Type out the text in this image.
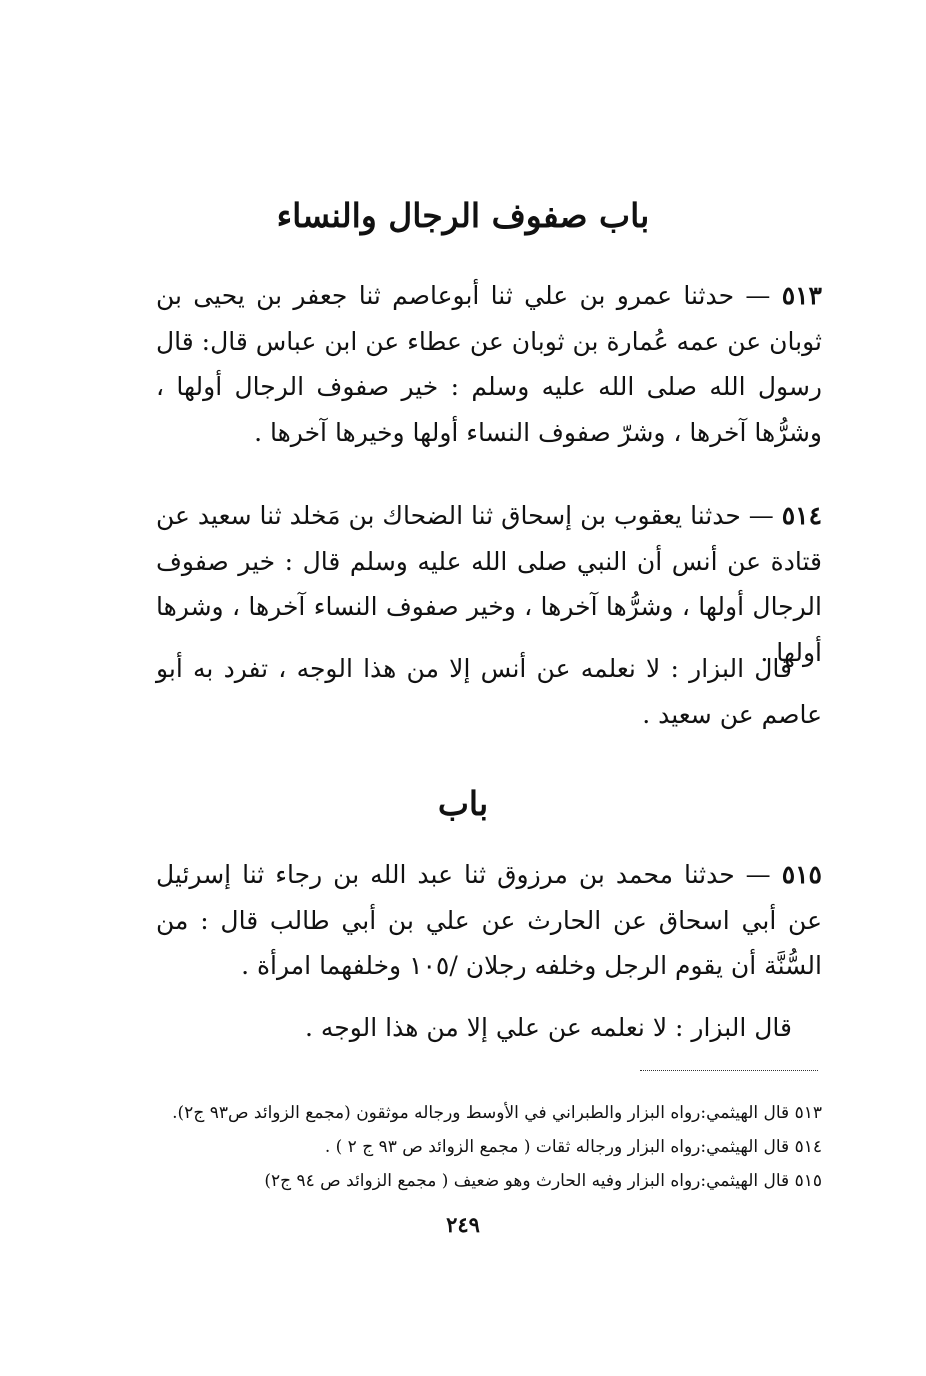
باب صفوف الرجال والنساء
٥١٣ — حدثنا عمرو بن علي ثنا أبوعاصم ثنا جعفر بن يحيى بن ثوبان عن عمه عُمارة بن ثوبان عن عطاء عن ابن عباس قال: قال رسول الله صلى الله عليه وسلم : خير صفوف الرجال أولها ، وشرُّها آخرها ، وشرّ صفوف النساء أولها وخيرها آخرها .
٥١٤ — حدثنا يعقوب بن إسحاق ثنا الضحاك بن مَخلد ثنا سعيد عن قتادة عن أنس أن النبي صلى الله عليه وسلم قال : خير صفوف الرجال أولها ، وشرُّها آخرها ، وخير صفوف النساء آخرها ، وشرها أولها .
قال البزار : لا نعلمه عن أنس إلا من هذا الوجه ، تفرد به أبو عاصم عن سعيد .
باب
٥١٥ — حدثنا محمد بن مرزوق ثنا عبد الله بن رجاء ثنا إسرئيل عن أبي اسحاق عن الحارث عن علي بن أبي طالب قال : من السُّنَّة أن يقوم الرجل وخلفه رجلان /١٠٥ وخلفهما امرأة .
قال البزار : لا نعلمه عن علي إلا من هذا الوجه .
٥١٣ قال الهيثمي:رواه البزار والطبراني في الأوسط ورجاله موثقون (مجمع الزوائد ص٩٣ ج٢).
٥١٤ قال الهيثمي:رواه البزار ورجاله ثقات ( مجمع الزوائد ص ٩٣ ج ٢ ) .
٥١٥ قال الهيثمي:رواه البزار وفيه الحارث وهو ضعيف ( مجمع الزوائد ص ٩٤ ج٢)
٢٤٩
